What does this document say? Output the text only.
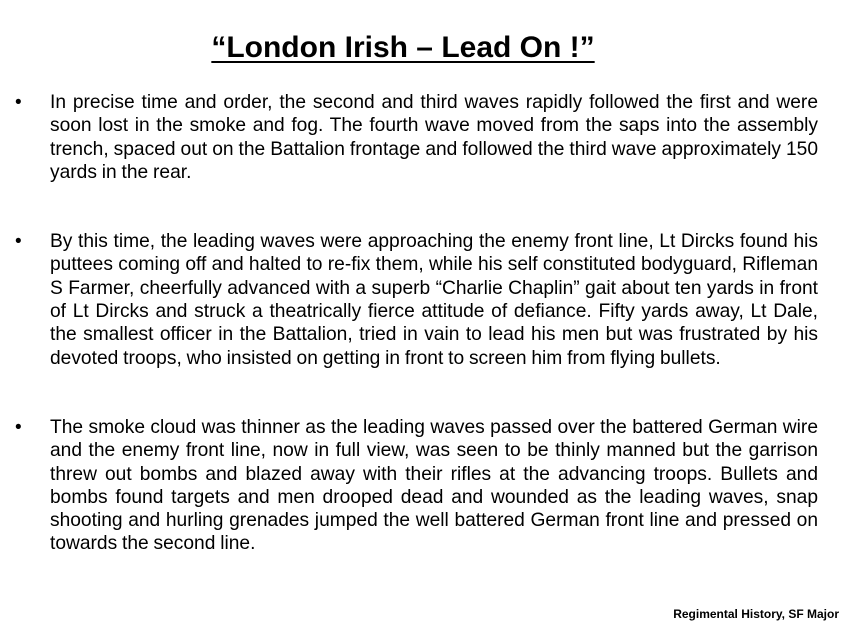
“London Irish – Lead On !”
•	In precise time and order, the second and third waves rapidly followed the first and were soon lost in the smoke and fog. The fourth wave moved from the saps into the assembly trench, spaced out on the Battalion frontage and followed the third wave approximately 150 yards in the rear.
•	By this time, the leading waves were approaching the enemy front line, Lt Dircks found his puttees coming off and halted to re-fix them, while his self constituted bodyguard, Rifleman S Farmer, cheerfully advanced with a superb “Charlie Chaplin” gait about ten yards in front of Lt Dircks and struck a theatrically fierce attitude of defiance. Fifty yards away, Lt Dale, the smallest officer in the Battalion, tried in vain to lead his men but was frustrated by his devoted troops, who insisted on getting in front to screen him from flying bullets.
•	The smoke cloud was thinner as the leading waves passed over the battered German wire and the enemy front line, now in full view, was seen to be thinly manned but the garrison threw out bombs and blazed away with their rifles at the advancing troops. Bullets and bombs found targets and men drooped dead and wounded as the leading waves, snap shooting and hurling grenades jumped the well battered German front line and pressed on towards the second line.
Regimental History, SF Major
